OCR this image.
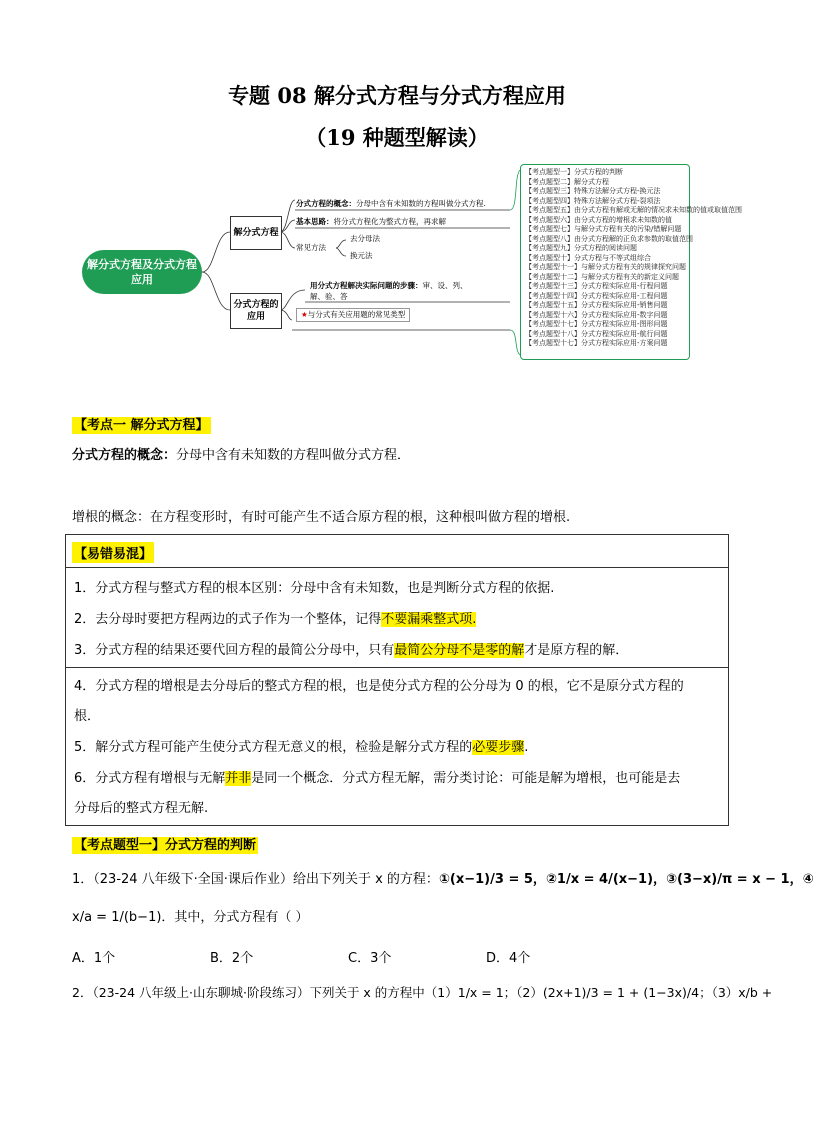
专题 08 解分式方程与分式方程应用
（19 种题型解读）
解分式方程及分式方程应用
解分式方程
分式方程的应用
分式方程的概念：分母中含有未知数的方程叫做分式方程.
基本思路：将分式方程化为整式方程，再求解
常见方法
去分母法
换元法
用分式方程解决实际问题的步骤：审、设、列、
解、验、答
★与分式有关应用题的常见类型
【考点题型一】分式方程的判断
【考点题型二】解分式方程
【考点题型三】特殊方法解分式方程-换元法
【考点题型四】特殊方法解分式方程-裂项法
【考点题型五】由分式方程有解或无解的情况求未知数的值或取值范围
【考点题型六】由分式方程的增根求未知数的值
【考点题型七】与解分式方程有关的污染/错解问题
【考点题型八】由分式方程解的正负求参数的取值范围
【考点题型九】分式方程的阅读问题
【考点题型十】分式方程与不等式组综合
【考点题型十一】与解分式方程有关的规律探究问题
【考点题型十二】与解分式方程有关的新定义问题
【考点题型十三】分式方程实际应用-行程问题
【考点题型十四】分式方程实际应用-工程问题
【考点题型十五】分式方程实际应用-销售问题
【考点题型十六】分式方程实际应用-数字问题
【考点题型十七】分式方程实际应用-图形问题
【考点题型十八】分式方程实际应用-航行问题
【考点题型十七】分式方程实际应用-方案问题
【考点一 解分式方程】
分式方程的概念：分母中含有未知数的方程叫做分式方程．
增根的概念：在方程变形时，有时可能产生不适合原方程的根，这种根叫做方程的增根.
【易错易混】
1．分式方程与整式方程的根本区别：分母中含有未知数，也是判断分式方程的依据.
2．去分母时要把方程两边的式子作为一个整体，记得不要漏乘整式项.
3．分式方程的结果还要代回方程的最简公分母中，只有最简公分母不是零的解才是原方程的解．
4．分式方程的增根是去分母后的整式方程的根，也是使分式方程的公分母为 0 的根，它不是原分式方程的
根．
5．解分式方程可能产生使分式方程无意义的根，检验是解分式方程的必要步骤.
6．分式方程有增根与无解并非是同一个概念．分式方程无解，需分类讨论：可能是解为增根，也可能是去
分母后的整式方程无解.
【考点题型一】分式方程的判断
1．（23-24 八年级下·全国·课后作业）给出下列关于 x 的方程：①(x−1)/3 = 5，②1/x = 4/(x−1)，③(3−x)/π = x − 1，④
x/a = 1/(b−1)．其中，分式方程有（ ）
A．1个	B．2个	C．3个	D．4个
2．（23-24 八年级上·山东聊城·阶段练习）下列关于 x 的方程中（1）1/x = 1；（2）(2x+1)/3 = 1 + (1−3x)/4；（3）x/b +
